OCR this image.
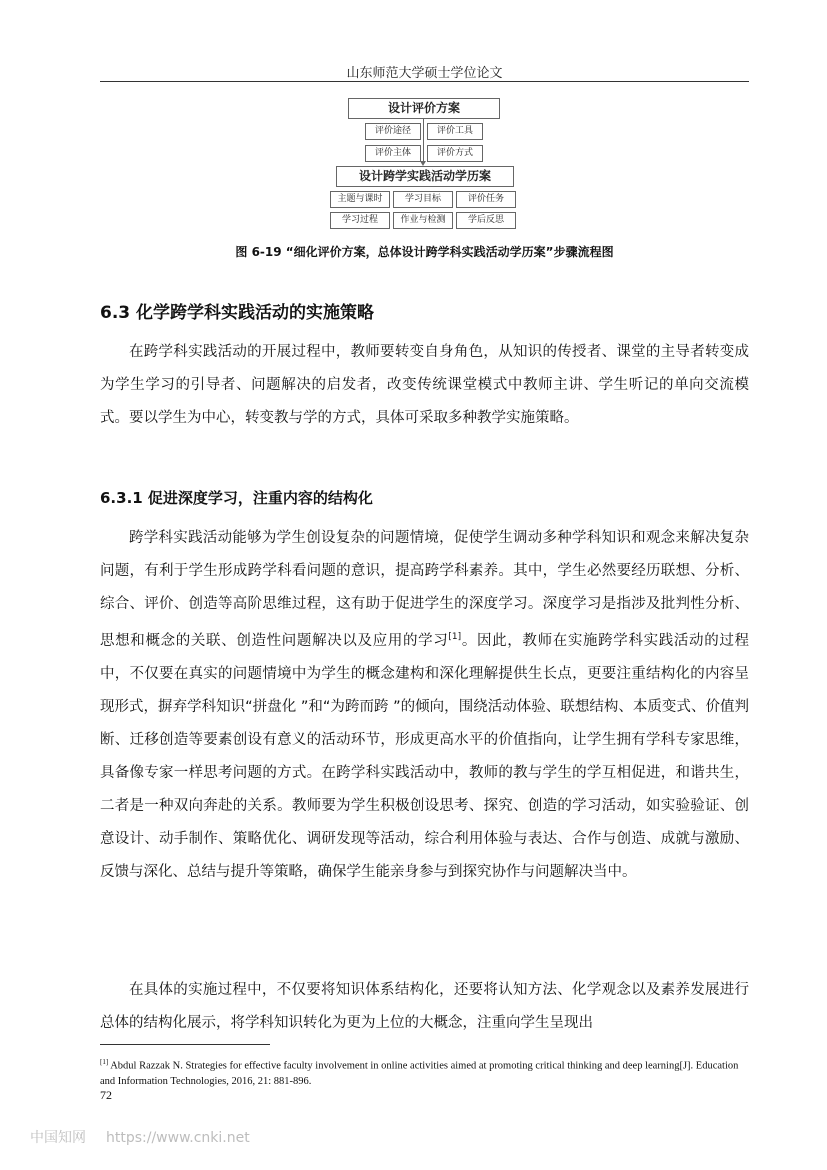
山东师范大学硕士学位论文
设计评价方案
评价途径	评价工具
评价主体	评价方式
设计跨学实践活动学历案
主题与课时	学习目标	评价任务
学习过程	作业与检测	学后反思
图 6-19 “细化评价方案，总体设计跨学科实践活动学历案”步骤流程图
6.3 化学跨学科实践活动的实施策略

在跨学科实践活动的开展过程中，教师要转变自身角色，从知识的传授者、课堂的主导者转变成为学生学习的引导者、问题解决的启发者，改变传统课堂模式中教师主讲、学生听记的单向交流模式。要以学生为中心，转变教与学的方式，具体可采取多种教学实施策略。

6.3.1 促进深度学习，注重内容的结构化

跨学科实践活动能够为学生创设复杂的问题情境，促使学生调动多种学科知识和观念来解决复杂问题，有利于学生形成跨学科看问题的意识，提高跨学科素养。其中，学生必然要经历联想、分析、综合、评价、创造等高阶思维过程，这有助于促进学生的深度学习。深度学习是指涉及批判性分析、思想和概念的关联、创造性问题解决以及应用的学习[1]。因此，教师在实施跨学科实践活动的过程中，不仅要在真实的问题情境中为学生的概念建构和深化理解提供生长点，更要注重结构化的内容呈现形式，摒弃学科知识“拼盘化 ”和“为跨而跨 ”的倾向，围绕活动体验、联想结构、本质变式、价值判断、迁移创造等要素创设有意义的活动环节，形成更高水平的价值指向，让学生拥有学科专家思维，具备像专家一样思考问题的方式。在跨学科实践活动中，教师的教与学生的学互相促进，和谐共生，二者是一种双向奔赴的关系。教师要为学生积极创设思考、探究、创造的学习活动，如实验验证、创意设计、动手制作、策略优化、调研发现等活动，综合利用体验与表达、合作与创造、成就与激励、反馈与深化、总结与提升等策略，确保学生能亲身参与到探究协作与问题解决当中。

在具体的实施过程中，不仅要将知识体系结构化，还要将认知方法、化学观念以及素养发展进行总体的结构化展示，将学科知识转化为更为上位的大概念，注重向学生呈现出

[1] Abdul Razzak N. Strategies for effective faculty involvement in online activities aimed at promoting critical thinking and deep learning[J]. Education and Information Technologies, 2016, 21: 881-896.
72
中国知网 https://www.cnki.net
